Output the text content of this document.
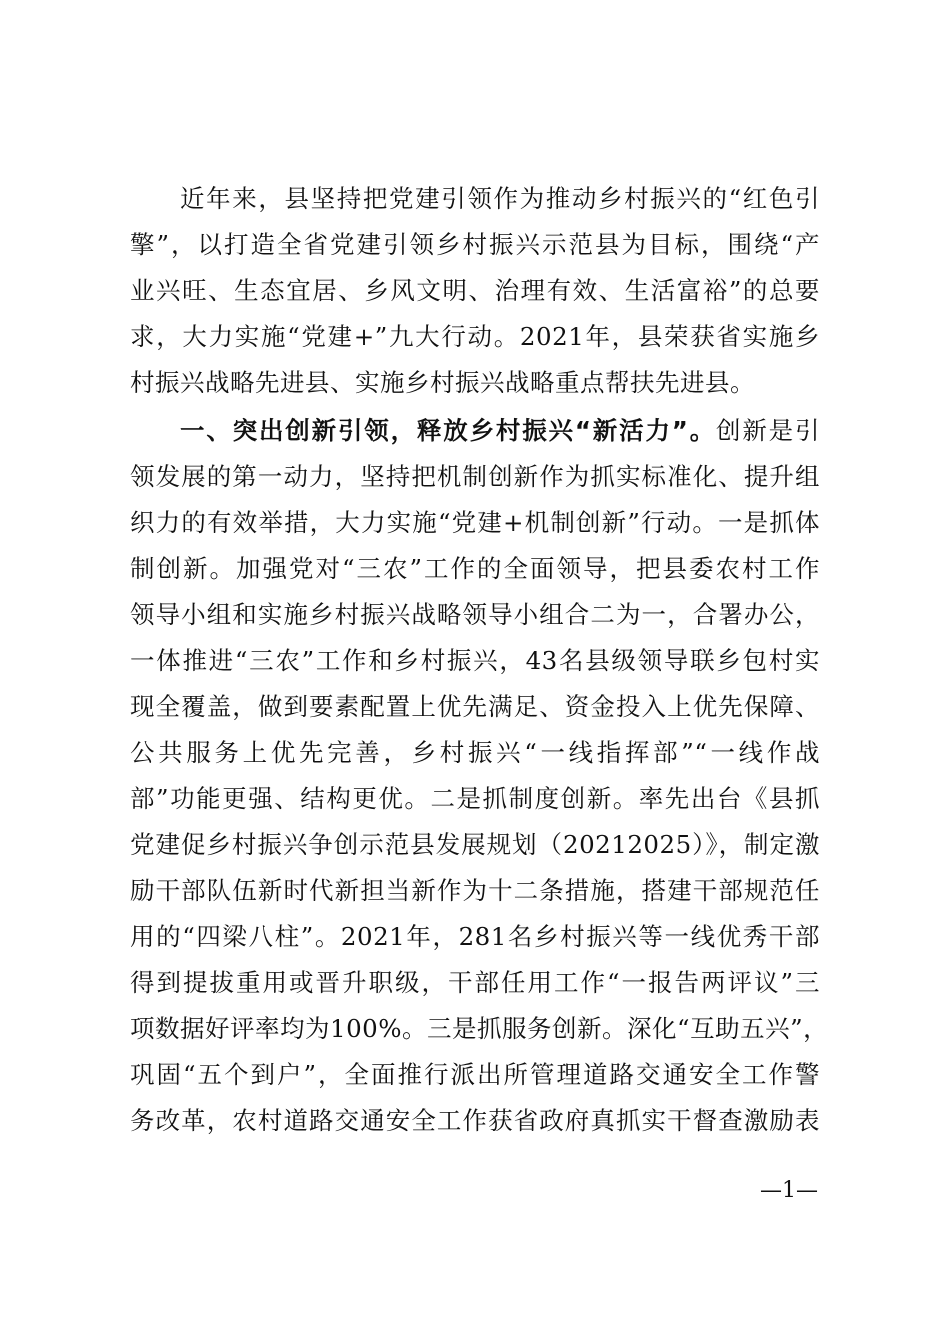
近年来，县坚持把党建引领作为推动乡村振兴的“红色引
擎”，以打造全省党建引领乡村振兴示范县为目标，围绕“产
业兴旺、生态宜居、乡风文明、治理有效、生活富裕”的总要
求，大力实施“党建+”九大行动。2021年，县荣获省实施乡
村振兴战略先进县、实施乡村振兴战略重点帮扶先进县。
一、突出创新引领，释放乡村振兴“新活力”。创新是引
领发展的第一动力，坚持把机制创新作为抓实标准化、提升组
织力的有效举措，大力实施“党建+机制创新”行动。一是抓体
制创新。加强党对“三农”工作的全面领导，把县委农村工作
领导小组和实施乡村振兴战略领导小组合二为一，合署办公，
一体推进“三农”工作和乡村振兴，43名县级领导联乡包村实
现全覆盖，做到要素配置上优先满足、资金投入上优先保障、
公共服务上优先完善，乡村振兴“一线指挥部”“一线作战
部”功能更强、结构更优。二是抓制度创新。率先出台《县抓
党建促乡村振兴争创示范县发展规划（20212025）》，制定激
励干部队伍新时代新担当新作为十二条措施，搭建干部规范任
用的“四梁八柱”。2021年，281名乡村振兴等一线优秀干部
得到提拔重用或晋升职级，干部任用工作“一报告两评议”三
项数据好评率均为100%。三是抓服务创新。深化“互助五兴”，
巩固“五个到户”，全面推行派出所管理道路交通安全工作警
务改革，农村道路交通安全工作获省政府真抓实干督查激励表
—1—
